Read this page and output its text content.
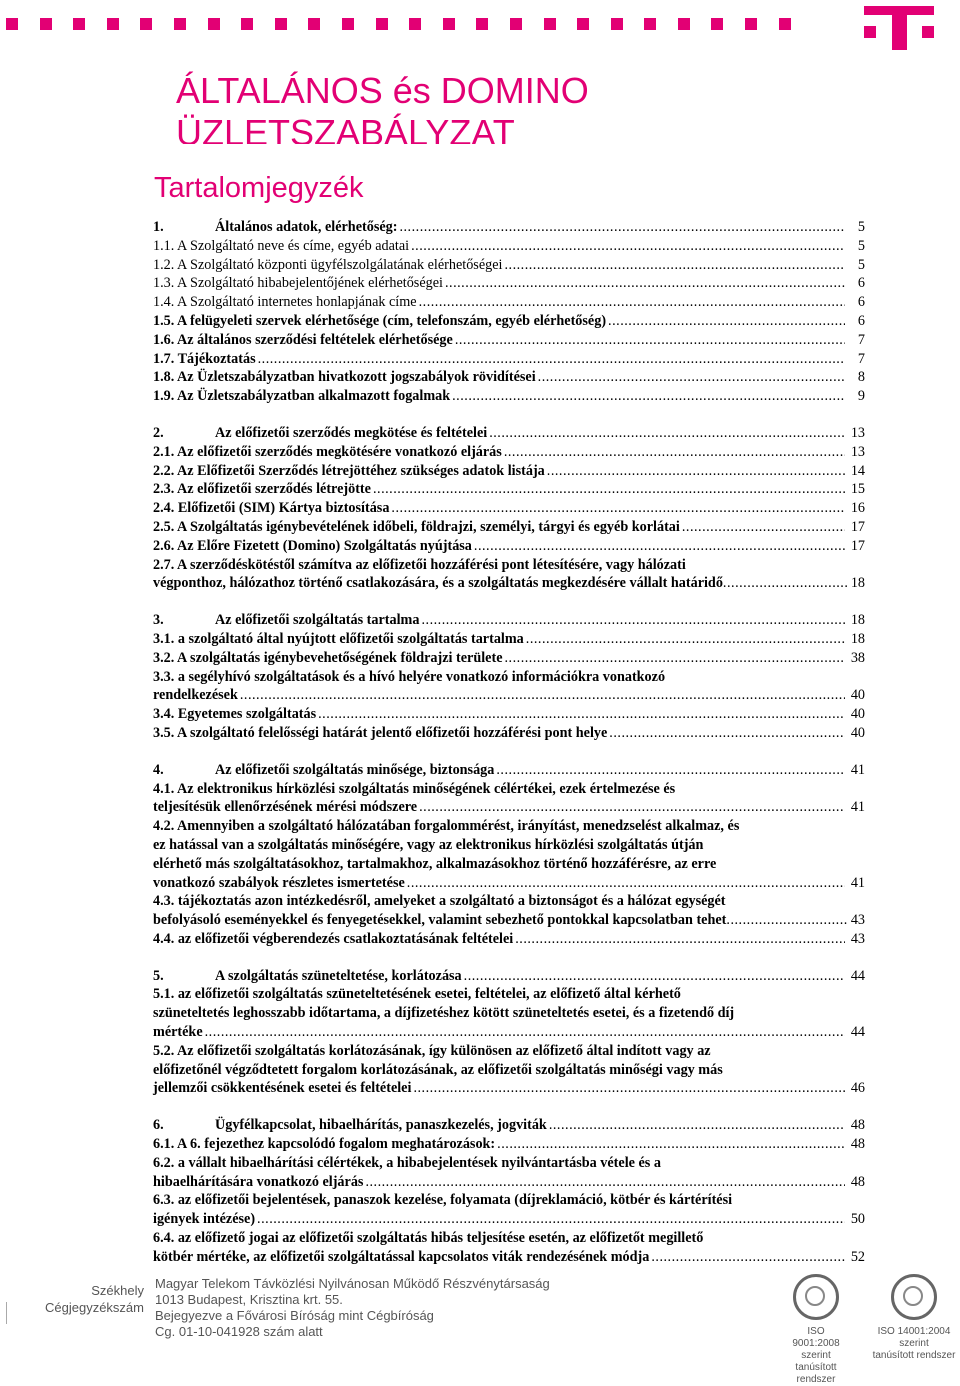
ÁLTALÁNOS és DOMINO
ÜZLETSZABÁLYZAT
Tartalomjegyzék
1.	Általános adatok, elérhetőség: .....	5
1.1. A Szolgáltató neve és címe, egyéb adatai .....	5
1.2. A Szolgáltató központi ügyfélszolgálatának elérhetőségei .....	5
1.3. A Szolgáltató hibabejelentőjének elérhetőségei .....	6
1.4. A Szolgáltató internetes honlapjának címe .....	6
1.5. A felügyeleti szervek elérhetősége (cím, telefonszám, egyéb elérhetőség) .....	6
1.6. Az általános szerződési feltételek elérhetősége .....	7
1.7. Tájékoztatás .....	7
1.8. Az Üzletszabályzatban hivatkozott jogszabályok rövidítései .....	8
1.9. Az Üzletszabályzatban alkalmazott fogalmak .....	9
2.	Az előfizetői szerződés megkötése és feltételei .....	13
2.1. Az előfizetői szerződés megkötésére vonatkozó eljárás .....	13
2.2. Az Előfizetői Szerződés létrejöttéhez szükséges adatok listája .....	14
2.3. Az előfizetői szerződés létrejötte .....	15
2.4. Előfizetői (SIM) Kártya biztosítása .....	16
2.5. A Szolgáltatás igénybevételének időbeli, földrajzi, személyi, tárgyi és egyéb korlátai .....	17
2.6. Az Előre Fizetett (Domino) Szolgáltatás nyújtása .....	17
2.7. A szerződéskötéstől számítva az előfizetői hozzáférési pont létesítésére, vagy hálózati
végponthoz, hálózathoz történő csatlakozására, és a szolgáltatás megkezdésére vállalt határidő .....	18
3.	Az előfizetői szolgáltatás tartalma .....	18
3.1. a szolgáltató által nyújtott előfizetői szolgáltatás tartalma .....	18
3.2. A szolgáltatás igénybevehetőségének földrajzi területe .....	38
3.3. a segélyhívó szolgáltatások és a hívó helyére vonatkozó információkra vonatkozó
rendelkezések .....	40
3.4. Egyetemes szolgáltatás .....	40
3.5. A szolgáltató felelősségi határát jelentő előfizetői hozzáférési pont helye .....	40
4.	Az előfizetői szolgáltatás minősége, biztonsága .....	41
4.1. Az elektronikus hírközlési szolgáltatás minőségének célértékei, ezek értelmezése és
teljesítésük ellenőrzésének mérési módszere .....	41
4.2. Amennyiben a szolgáltató hálózatában forgalommérést, irányítást, menedzselést alkalmaz, és
ez hatással van a szolgáltatás minőségére, vagy az elektronikus hírközlési szolgáltatás útján
elérhető más szolgáltatásokhoz, tartalmakhoz, alkalmazásokhoz történő hozzáférésre, az erre
vonatkozó szabályok részletes ismertetése .....	41
4.3. tájékoztatás azon intézkedésről, amelyeket a szolgáltató a biztonságot és a hálózat egységét
befolyásoló eseményekkel és fenyegetésekkel, valamint sebezhető pontokkal kapcsolatban tehet .....	43
4.4. az előfizetői végberendezés csatlakoztatásának feltételei .....	43
5.	A szolgáltatás szüneteltetése, korlátozása .....	44
5.1. az előfizetői szolgáltatás szüneteltetésének esetei, feltételei, az előfizető által kérhető
szüneteltetés leghosszabb időtartama, a díjfizetéshez kötött szüneteltetés esetei, és a fizetendő díj
mértéke .....	44
5.2. Az előfizetői szolgáltatás korlátozásának, így különösen az előfizető által indított vagy az
előfizetőnél végződtetett forgalom korlátozásának, az előfizetői szolgáltatás minőségi vagy más
jellemzői csökkentésének esetei és feltételei .....	46
6.	Ügyfélkapcsolat, hibaelhárítás, panaszkezelés, jogviták .....	48
6.1. A 6. fejezethez kapcsolódó fogalom meghatározások: .....	48
6.2. a vállalt hibaelhárítási célértékek, a hibabejelentések nyilvántartásba vétele és a
hibaelhárítására vonatkozó eljárás .....	48
6.3. az előfizetői bejelentések, panaszok kezelése, folyamata (díjreklamáció, kötbér és kártérítési
igények intézése) .....	50
6.4. az előfizető jogai az előfizetői szolgáltatás hibás teljesítése esetén, az előfizetőt megillető
kötbér mértéke, az előfizetői szolgáltatással kapcsolatos viták rendezésének módja .....	52
Székhely
Cégjegyzékszám
Magyar Telekom Távközlési Nyilvánosan Működő Részvénytársaság
1013 Budapest, Krisztina krt. 55.
Bejegyezve a Fővárosi Bíróság mint Cégbíróság
Cg. 01-10-041928 szám alatt	ISO 9001:2008 szerint
tanúsított rendszer
ISO 14001:2004 szerint
tanúsított rendszer
